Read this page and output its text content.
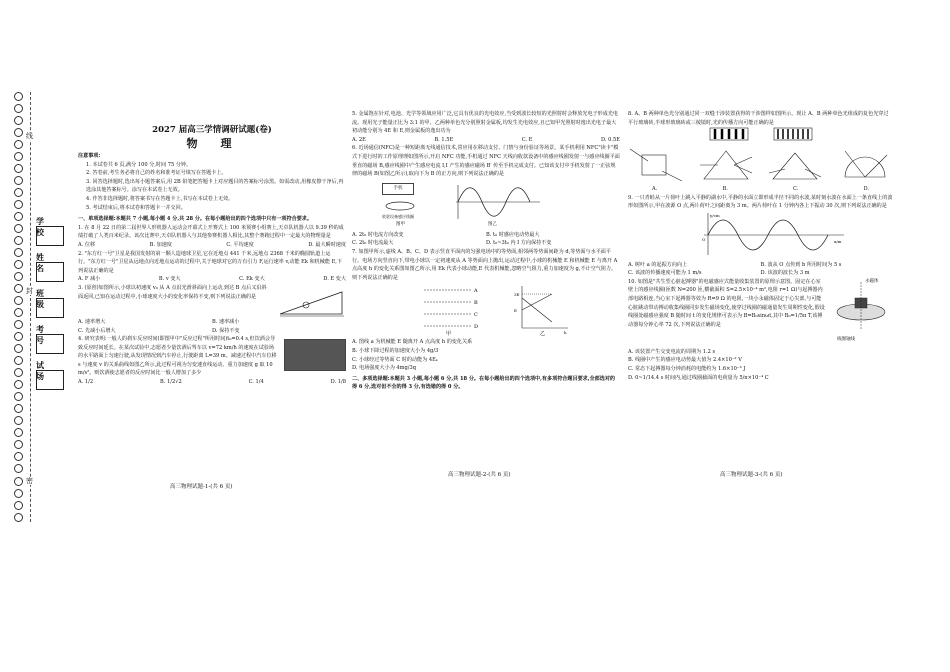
线
封
密
学 校
姓 名
班 级
考 号
试 场

2027 届高三学情调研试题(卷)

物　理

注意事项:

1. 本试卷共 6 页,满分 100 分,时间 75 分钟。

2. 答卷前,考生务必将自己的姓名和准考证号填写在答题卡上。

3. 回答选择题时,选出每小题答案后,用 2B 铅笔把答题卡上对应题目的答案标号涂黑。如需改动,用橡皮擦干净后,再选涂其他答案标号。涂写在本试卷上无效。

4. 作答非选择题时,将答案书写在答题卡上,书写在本试卷上无效。

5. 考试结束后,将本试卷和答题卡一并交回。

一、单项选择题:本题共 7 小题,每小题 4 分,共 28 分。在每小题给出的四个选项中只有一项符合要求。

1. 在 8 月 22 日的第二届世界人形机器人运动会开幕式上开赛式上 100 米预赛小组赛上,天卓队机器人以 9.39 秒的成绩打破了人类百米纪录。该次比赛中,天卓队机器人与其他参赛机器人相比,其整个赛跑过程中一定最大的物理量是

A. 位移	B. 加速度	C. 平均速度	D. 最大瞬时速度

2. "东方红一号"卫星是我国发射的第一颗人造地球卫星,它在近地点 441 千米,远地点 2368 千米的椭圆轨道上运行。"东方红一号"卫星从远地点向近地点运动的过程中,关于地球对它的万有引力 F,运行速率 v,动能 Ek 和机械能 E,下列说法正确的是

A. F 减小	B. v 变大	C. Ek 变大	D. E 变大

3. (原创)如图所示,小球以初速度 v₀ 从 A 点沿光滑斜面向上运动,到达 B 点后又沿斜面返回,已知在运动过程中,小球速度大小的变化率保持不变,则下列说法正确的是

A. 速率增大	B. 速率减小
C. 先减小后增大	D. 保持不变

4. 研究表明:一般人的刹车反应时间(即图甲中"反应过程"所用时间)t₀=0.4 s,但饮酒会导致反应时间延长。在某次试验中,志愿者少量饮酒后驾车以 v=72 km/h 的速度在试验场的水平路面上匀速行驶,从发现情况到汽车停止,行驶距离 L=39 m。减速过程中汽车位移 s 与速度 v 的关系曲线如图乙所示,此过程可视为匀变速直线运动。重力加速度 g 取 10 m/s²。则饮酒使志愿者的反应时间比一般人增加了多少

A. 1/2	B. 1/2√2	C. 1/4	D. 1/8
高三物理试题-1-(共 6 页)

5. 金属饱在针对,电池、光学等领域应用广泛,它具有优良的光电效应,当受到波长较短的光照射时会释放光电子形成光电流。现用光子能量正比为 3:1 的甲、乙两种单色光分别照射金属板,均发生光电效应,且已知甲光照射时逸出光电子最大初动能分别为 4E 和 E,则金属板的逸出功为

A. 2E	B. 1.5E	C. E	D. 0.5E

6. 近场通信(NFC)是一种短距离无线通信技术,常应用在移动支付、门禁与身份验证等场景。某手机利用 NFC"读卡"模式下进行时的工作原理理如图所示,开启 NFC 功能,手机通过 NFC 天线向收款设备中的感应线圈发射一与感应线圈平面垂直的磁场 B,感应线圈中产生感应电流 I,I 产生的感应磁场 B′ 传至手机完成支付。已知该支付中手机发射了一正弦规律的磁场 B(如图乙所示),取向下为 B 的正方向,则下列说法正确的是

手机
收款设备感应线圈
图甲	图乙
A. 2t₀ 时电流方向改变	B. t₀ 时感应电动势最大
C. 2t₀ 时电流最大	D. t₀~3t₀ 内 I 方向保持不变

7. 如图甲所示,虚线 A、B、C、D 表示竖直平面内的匀强电场中的等势面,相邻两等势面间距为 d,等势面与水平面平行。电场方向竖直向下,带电小球以一定初速度从 A 等势面向上抛出,运动过程中,小球的机械能 E 和机械能 E 与离开 A 点高度 h 的变化关系图如图乙所示,用 Ek 代表小球动能,E 代表机械能,忽略空气阻力,重力加速度为 g,不计空气阻力。则下列说法正确的是

A
B
C
D
甲
3E
E
h
乙

A. 图线 a 为机械能 E 随离开 A 点高度 h 的变化关系

B. 小球下降过程的加速度大小为 4g/3

C. 小球经过等势面 C 时的动能为 4Eₖ

D. 电场强度大小为 4mg/3q

二、多项选择题:本题共 3 小题,每小题 6 分,共 18 分。在每小题给出的四个选项中,有多项符合题目要求,全部选对的得 6 分,选对但不全的得 3 分,有选错的得 0 分。

高三物理试题-2-(共 6 页)

8. A、B 两种单色光分别通过同一双缝干涉装置获得的干涉图样如图所示。现让 A、B 两种单色光组成的复色光穿过平行玻璃砖,半球形玻璃砖或三棱镜时,光的传播方向可能正确的是

A.	B.	C.	D.

9. 一只青蛙从一片荷叶上跳入平静的湖水中,平静的水面立即形成半径不同的水波,某时刻水波在水面上一条直线上的波形如图所示,甲在波源 O 点,两片荷叶之间距离为 3 m。两片荷叶在 1 分钟内各上下振动 30 次,则下列说法正确的是

y/cm
x/m
O
A. 树叶 a 的起振方向向上	B. 波从 O 点传到 b 所用时间为 5 s
C. 该波的传播速度可能为 1 m/s	D. 该波的波长为 3 m

10. 如图是"共生型心脏起搏器"的电磁感应式能量收集装置的原理示意图。固定在心室壁上的感应线圈(匝数 N=200 匝,横截面积 S=2.5×10⁻⁴ m²,电阻 r=1 Ω)与起搏器内部电路相连,当心室下起搏器等效为 R=9 Ω 的电阻,一块小永磁体固定于心尖部,与可能心脏跳动带动搏动收集线圈同步发生磁场变化,使穿过线圈的磁通量发生周期性变化,假设线圈处磁感应强度 B 随时间 t 的变化规律可表示为 B=B₀sinωt,其中 B₀=1/5π T,该搏动器每分钟心率 72 次,下列说法正确的是

永磁体
线圈轴线

A. 该装置产生交变电流的周期为 1.2 s

B. 线圈中产生的感应电动势最大值为 2.4×10⁻² V

C. 常态下起搏器每分钟消耗的电能约为 1.6×10⁻³ J

D. 0~1/14.4 s 时间内,通过线圈截面的电荷量为 5/π×10⁻⁴ C

高三物理试题-3-(共 6 页)
